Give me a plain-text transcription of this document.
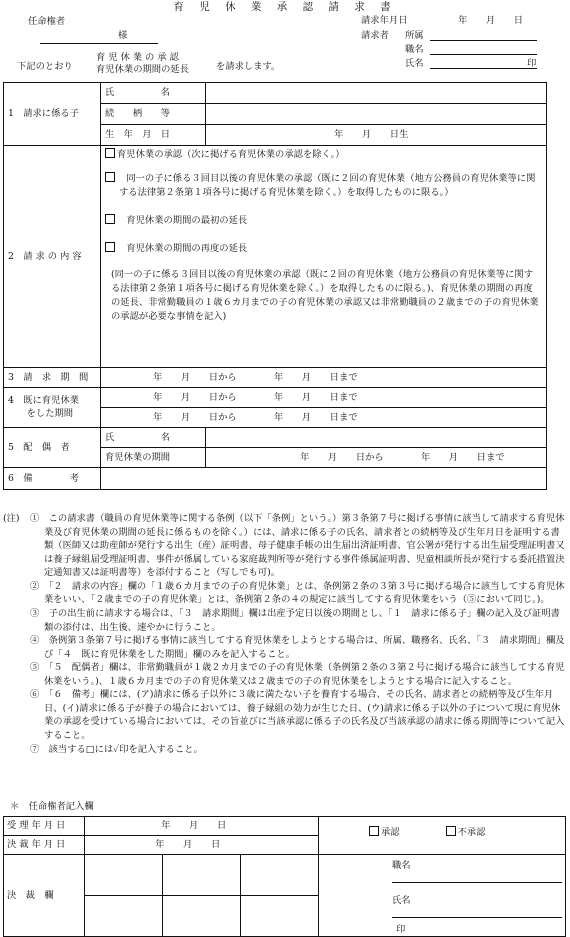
育 児 休 業 承 認 請 求 書
任命権者
様
下記のとおり
育 児 休 業 の 承 認
育児休業の期間の延長	を請求します。
請求年月日	年　　月　　日
請求者 所属
職名
氏名	印
1　請求に係る子	氏　　　　　名	
	続　　柄　　等	
	生　年　月　日	年　　月　　日生
2　請 求 の 内 容	育児休業の承認（次に掲げる育児休業の承認を除く。）
　同一の子に係る３回目以後の育児休業の承認（既に２回の育児休業（地方公務員の育児休業等に関する法律第２条第１項各号に掲げる育児休業を除く。）を取得したものに限る。）
　育児休業の期間の最初の延長
　育児休業の期間の再度の延長
(同一の子に係る３回目以後の育児休業の承認（既に２回の育児休業（地方公務員の育児休業等に関する法律第２条第１項各号に掲げる育児休業を除く。）を取得したものに限る。)、育児休業の期間の再度の延長、非常勤職員の１歳６カ月までの子の育児休業の承認又は非常勤職員の２歳までの子の育児休業の承認が必要な事情を記入)	

3　請　求　期　間	年　　月　　日から　　　　年　　月　　日まで	
4　既に育児休業
　　をした期間	年　　月　　日から　　　　年　　月　　日まで	
	年　　月　　日から　　　　年　　月　　日まで	
5　配　偶　者	氏　　　　　名	
	育児休業の期間	年　　月　　日から　　　　年　　月　　日まで
6　備　　　　考		
(注) ①　この請求書（職員の育児休業等に関する条例（以下「条例」という。）第３条第７号に掲げる事情に該当して請求する育児休業及び育児休業の期間の延長に係るものを除く。）には、請求に係る子の氏名、請求者との続柄等及び生年月日を証明する書類（医師又は助産師が発行する出生（産）証明書、母子健康手帳の出生届出済証明書、官公署が発行する出生届受理証明書又は養子縁組届受理証明書、事件が係属している家庭裁判所等が発行する事件係属証明書、児童相談所長が発行する委託措置決定通知書又は証明書等）を添付すること（写しでも可)。
②　「２　請求の内容」欄の「１歳６カ月までの子の育児休業」とは、条例第２条の３第３号に掲げる場合に該当してする育児休業をいい、「２歳までの子の育児休業」とは、条例第２条の４の規定に該当してする育児休業をいう（⑤において同じ。)。
③　子の出生前に請求する場合は、「３　請求期間」欄は出産予定日以後の期間とし、「１　請求に係る子」欄の記入及び証明書類の添付は、出生後、速やかに行うこと。
④　条例第３条第７号に掲げる事情に該当してする育児休業をしようとする場合は、所属、職務名、氏名、「３　請求期間」欄及び「４　既に育児休業をした期間」欄のみを記入すること。
⑤　「５　配偶者」欄は、非常勤職員が１歳２カ月までの子の育児休業（条例第２条の３第２号に掲げる場合に該当してする育児休業をいう。)、１歳６カ月までの子の育児休業又は２歳までの子の育児休業をしようとする場合に記入すること。
⑥　「６　備考」欄には、(ア)請求に係る子以外に３歳に満たない子を養育する場合、その氏名、請求者との続柄等及び生年月日、(イ)請求に係る子が養子の場合においては、養子縁組の効力が生じた日、(ウ)請求に係る子以外の子について現に育児休業の承認を受けている場合においては、その旨並びに当該承認に係る子の氏名及び当該承認の請求に係る期間等について記入すること。
⑦　該当する□には✓印を記入すること。
＊　任命権者記入欄
受 理 年 月 日	年　　月　　日			承認 不承認

決 裁 年 月 日	年　　月　　日			
決　裁　欄				職名
氏名印
